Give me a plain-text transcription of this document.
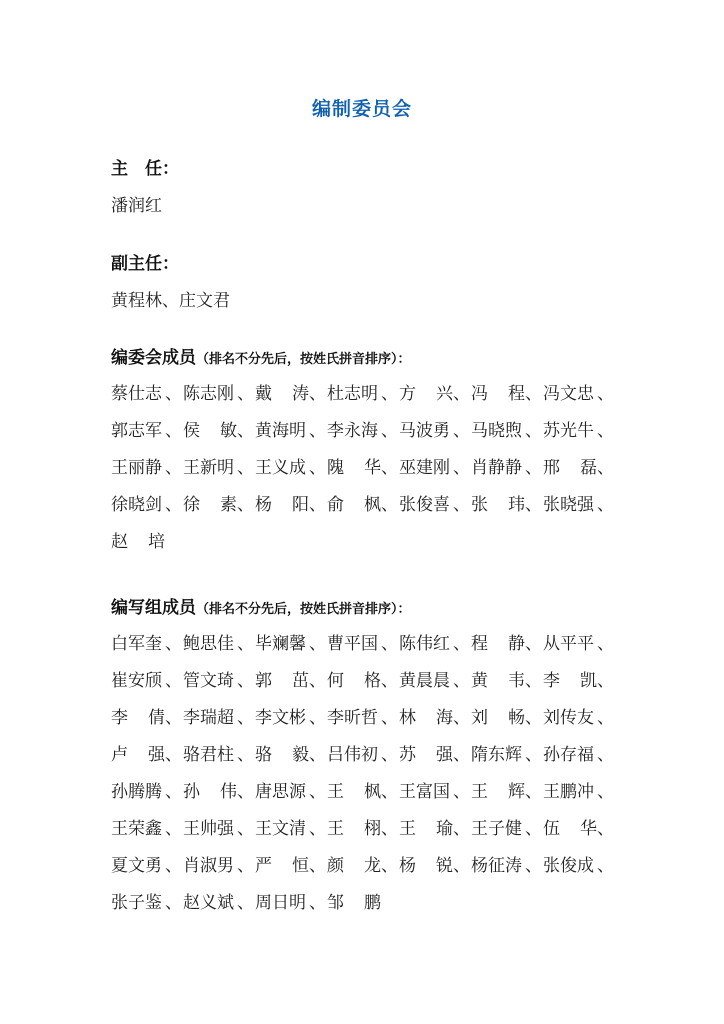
编制委员会
主　任：
潘润红
副主任：
黄程林、庄文君
编委会成员（排名不分先后，按姓氏拼音排序）：
蔡仕志 、 陈志刚 、 戴 涛 、 杜志明 、 方 兴 、 冯 程 、 冯文忠 、
郭志军 、 侯 敏 、 黄海明 、 李永海 、 马波勇 、 马晓煦 、 苏光牛 、
王丽静 、 王新明 、 王义成 、 隗 华 、 巫建刚 、 肖静静 、 邢 磊 、
徐晓剑 、 徐 素 、 杨 阳 、 俞 枫 、 张俊喜 、 张 玮 、 张晓强 、
赵 培
编写组成员（排名不分先后，按姓氏拼音排序）：
白军奎 、 鲍思佳 、 毕斓馨 、 曹平国 、 陈伟红 、 程 静 、 从平平 、
崔安颀 、 管文琦 、 郭 茁 、 何 格 、 黄晨晨 、 黄 韦 、 李 凯 、
李 倩 、 李瑞超 、 李文彬 、 李昕哲 、 林 海 、 刘 畅 、 刘传友 、
卢 强 、 骆君柱 、 骆 毅 、 吕伟初 、 苏 强 、 隋东辉 、 孙存福 、
孙腾腾 、 孙 伟 、 唐思源 、 王 枫 、 王富国 、 王 辉 、 王鹏冲 、
王荣鑫 、 王帅强 、 王文清 、 王 栩 、 王 瑜 、 王子健 、 伍 华 、
夏文勇 、 肖淑男 、 严 恒 、 颜 龙 、 杨 锐 、 杨征涛 、 张俊成 、
张子鉴 、 赵义斌 、 周日明 、 邹 鹏
